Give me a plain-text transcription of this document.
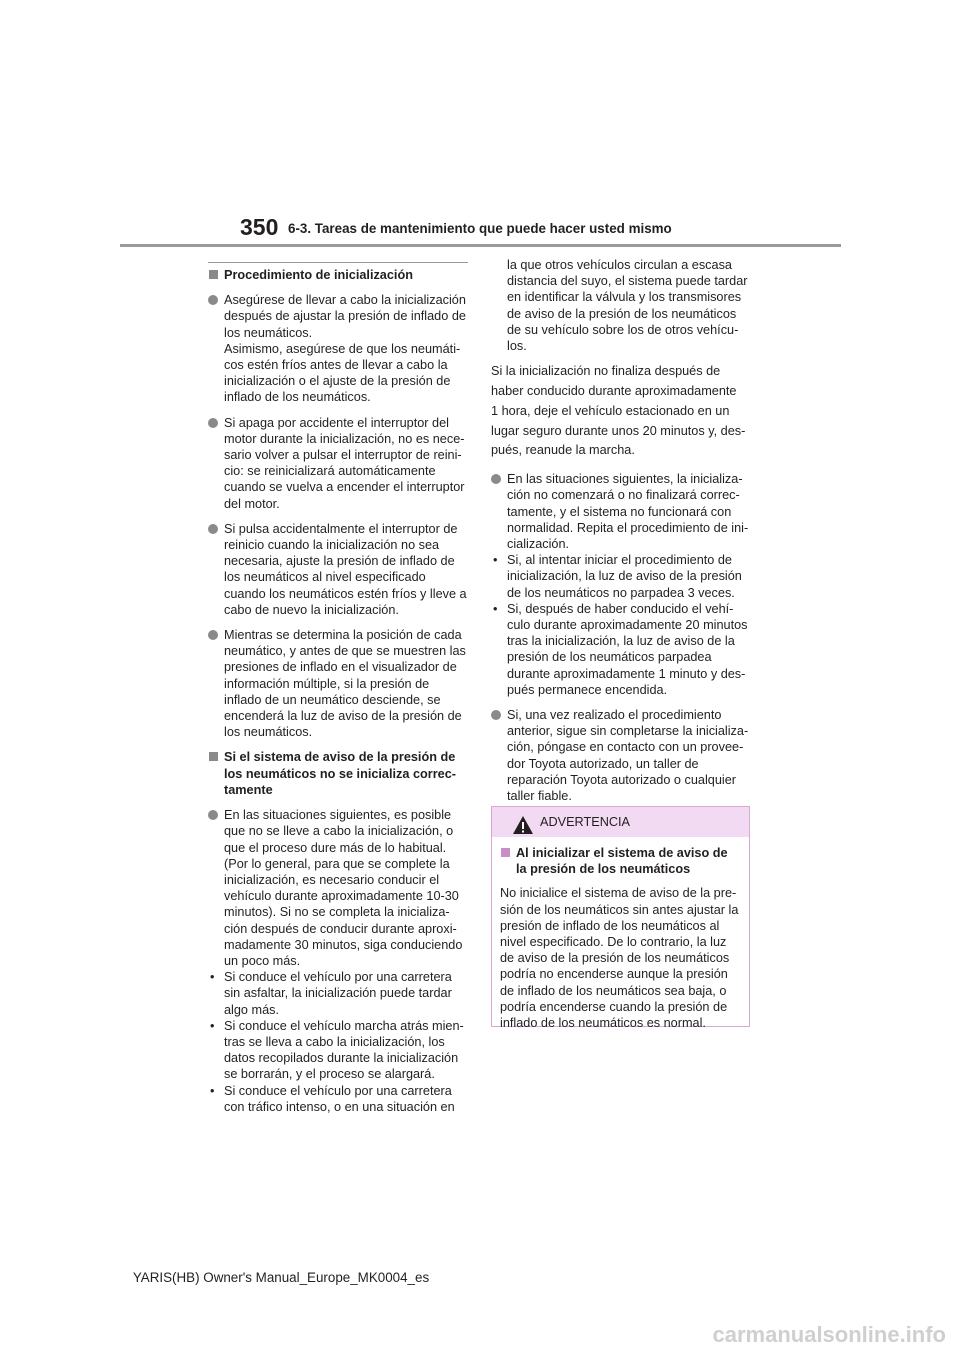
350 6-3. Tareas de mantenimiento que puede hacer usted mismo
Procedimiento de inicialización

Asegúrese de llevar a cabo la inicialización después de ajustar la presión de inflado de los neumáticos.

Asimismo, asegúrese de que los neumáti-cos estén fríos antes de llevar a cabo la inicialización o el ajuste de la presión de inflado de los neumáticos.

Si apaga por accidente el interruptor del motor durante la inicialización, no es nece-sario volver a pulsar el interruptor de reini-cio: se reinicializará automáticamente cuando se vuelva a encender el interruptor del motor.

Si pulsa accidentalmente el interruptor de reinicio cuando la inicialización no sea necesaria, ajuste la presión de inflado de los neumáticos al nivel especificado cuando los neumáticos estén fríos y lleve a cabo de nuevo la inicialización.

Mientras se determina la posición de cada neumático, y antes de que se muestren las presiones de inflado en el visualizador de información múltiple, si la presión de inflado de un neumático desciende, se encenderá la luz de aviso de la presión de los neumáticos.

Si el sistema de aviso de la presión de los neumáticos no se inicializa correc-tamente

En las situaciones siguientes, es posible que no se lleve a cabo la inicialización, o que el proceso dure más de lo habitual. (Por lo general, para que se complete la inicialización, es necesario conducir el vehículo durante aproximadamente 10-30 minutos). Si no se completa la inicializa-ción después de conducir durante aproxi-madamente 30 minutos, siga conduciendo un poco más.

• Si conduce el vehículo por una carretera sin asfaltar, la inicialización puede tardar algo más.
• Si conduce el vehículo marcha atrás mien-tras se lleva a cabo la inicialización, los datos recopilados durante la inicialización se borrarán, y el proceso se alargará.
• Si conduce el vehículo por una carretera con tráfico intenso, o en una situación en

la que otros vehículos circulan a escasa distancia del suyo, el sistema puede tardar en identificar la válvula y los transmisores de aviso de la presión de los neumáticos de su vehículo sobre los de otros vehícu-los.

Si la inicialización no finaliza después de

haber conducido durante aproximadamente

1 hora, deje el vehículo estacionado en un

lugar seguro durante unos 20 minutos y, des-

pués, reanude la marcha.

En las situaciones siguientes, la inicializa-ción no comenzará o no finalizará correc-tamente, y el sistema no funcionará con normalidad. Repita el procedimiento de ini-cialización.

• Si, al intentar iniciar el procedimiento de inicialización, la luz de aviso de la presión de los neumáticos no parpadea 3 veces.
• Si, después de haber conducido el vehí-culo durante aproximadamente 20 minutos tras la inicialización, la luz de aviso de la presión de los neumáticos parpadea durante aproximadamente 1 minuto y des-pués permanece encendida.

Si, una vez realizado el procedimiento anterior, sigue sin completarse la inicializa-ción, póngase en contacto con un provee-dor Toyota autorizado, un taller de reparación Toyota autorizado o cualquier taller fiable.

ADVERTENCIA
Al inicializar el sistema de aviso de la presión de los neumáticos

No inicialice el sistema de aviso de la pre-sión de los neumáticos sin antes ajustar la presión de inflado de los neumáticos al nivel especificado. De lo contrario, la luz de aviso de la presión de los neumáticos podría no encenderse aunque la presión de inflado de los neumáticos sea baja, o podría encenderse cuando la presión de inflado de los neumáticos es normal.

YARIS(HB) Owner's Manual_Europe_MK0004_es
carmanualsonline.info
